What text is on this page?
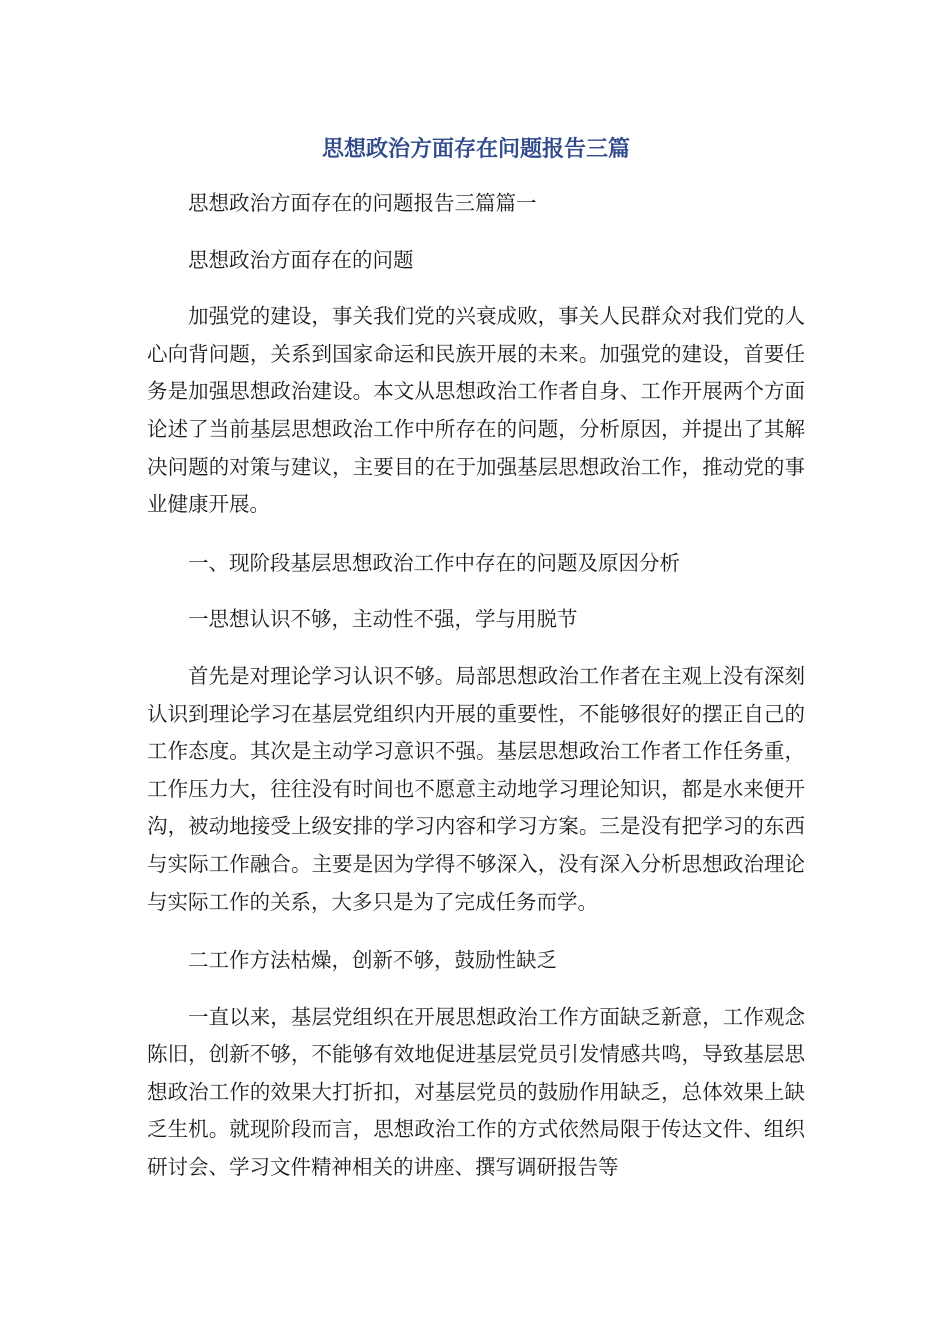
思想政治方面存在问题报告三篇

思想政治方面存在的问题报告三篇篇一

思想政治方面存在的问题

加强党的建设，事关我们党的兴衰成败，事关人民群众对我们党的人心向背问题，关系到国家命运和民族开展的未来。加强党的建设，首要任务是加强思想政治建设。本文从思想政治工作者自身、工作开展两个方面论述了当前基层思想政治工作中所存在的问题，分析原因，并提出了其解决问题的对策与建议，主要目的在于加强基层思想政治工作，推动党的事业健康开展。

一、现阶段基层思想政治工作中存在的问题及原因分析

一思想认识不够，主动性不强，学与用脱节

首先是对理论学习认识不够。局部思想政治工作者在主观上没有深刻认识到理论学习在基层党组织内开展的重要性，不能够很好的摆正自己的工作态度。其次是主动学习意识不强。基层思想政治工作者工作任务重，工作压力大，往往没有时间也不愿意主动地学习理论知识，都是水来便开沟，被动地接受上级安排的学习内容和学习方案。三是没有把学习的东西与实际工作融合。主要是因为学得不够深入，没有深入分析思想政治理论与实际工作的关系，大多只是为了完成任务而学。

二工作方法枯燥，创新不够，鼓励性缺乏

一直以来，基层党组织在开展思想政治工作方面缺乏新意，工作观念陈旧，创新不够，不能够有效地促进基层党员引发情感共鸣，导致基层思想政治工作的效果大打折扣，对基层党员的鼓励作用缺乏，总体效果上缺乏生机。就现阶段而言，思想政治工作的方式依然局限于传达文件、组织研讨会、学习文件精神相关的讲座、撰写调研报告等
